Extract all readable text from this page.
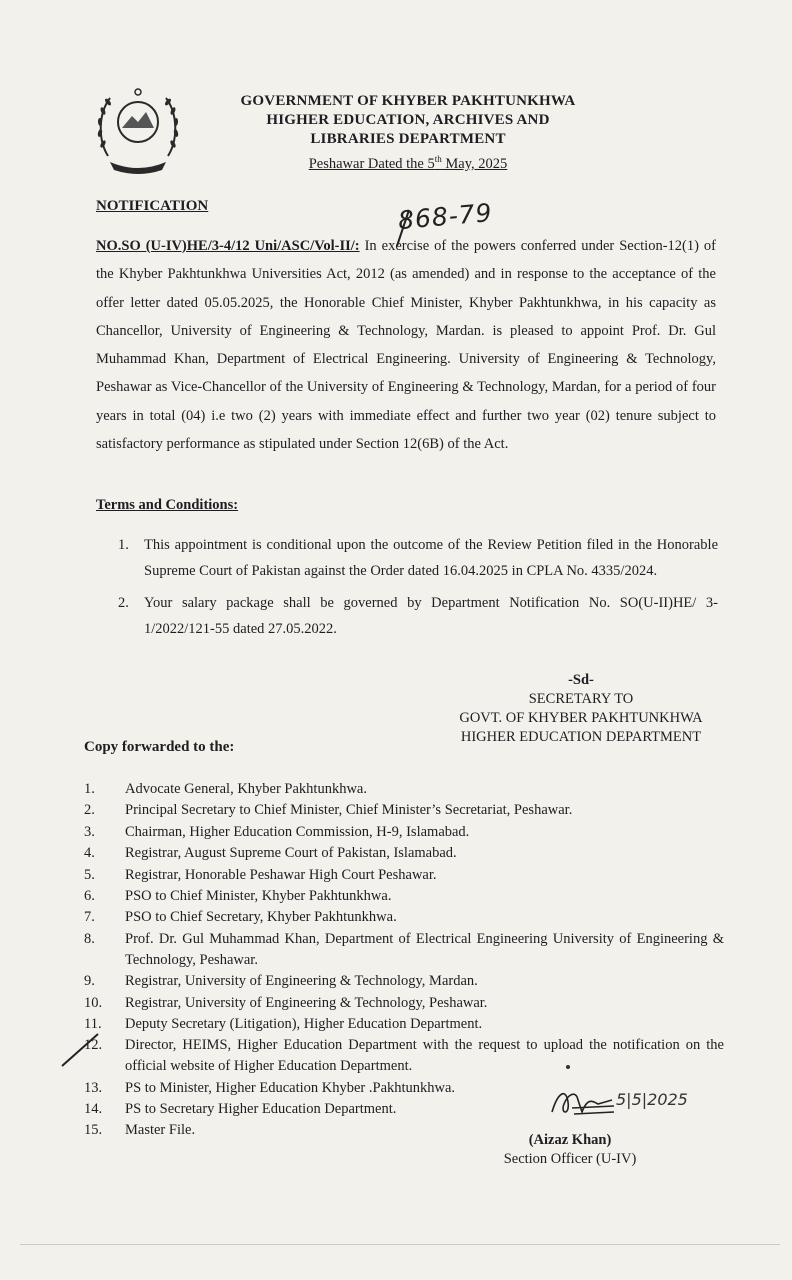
GOVERNMENT OF KHYBER PAKHTUNKHWA
HIGHER EDUCATION, ARCHIVES AND
LIBRARIES DEPARTMENT
Peshawar Dated the 5th May, 2025
NOTIFICATION	868-79
NO.SO (U-IV)HE/3-4/12 Uni/ASC/Vol-II/: In exercise of the powers conferred under Section-12(1) of the Khyber Pakhtunkhwa Universities Act, 2012 (as amended) and in response to the acceptance of the offer letter dated 05.05.2025, the Honorable Chief Minister, Khyber Pakhtunkhwa, in his capacity as Chancellor, University of Engineering & Technology, Mardan. is pleased to appoint Prof. Dr. Gul Muhammad Khan, Department of Electrical Engineering. University of Engineering & Technology, Peshawar as Vice-Chancellor of the University of Engineering & Technology, Mardan, for a period of four years in total (04) i.e two (2) years with immediate effect and further two year (02) tenure subject to satisfactory performance as stipulated under Section 12(6B) of the Act.
Terms and Conditions:
1. This appointment is conditional upon the outcome of the Review Petition filed in the Honorable Supreme Court of Pakistan against the Order dated 16.04.2025 in CPLA No. 4335/2024.
2. Your salary package shall be governed by Department Notification No. SO(U-II)HE/ 3-1/2022/121-55 dated 27.05.2022.
-Sd-
SECRETARY TO
GOVT. OF KHYBER PAKHTUNKHWA
HIGHER EDUCATION DEPARTMENT
Copy forwarded to the:
1. Advocate General, Khyber Pakhtunkhwa.
2. Principal Secretary to Chief Minister, Chief Minister’s Secretariat, Peshawar.
3. Chairman, Higher Education Commission, H-9, Islamabad.
4. Registrar, August Supreme Court of Pakistan, Islamabad.
5. Registrar, Honorable Peshawar High Court Peshawar.
6. PSO to Chief Minister, Khyber Pakhtunkhwa.
7. PSO to Chief Secretary, Khyber Pakhtunkhwa.
8. Prof. Dr. Gul Muhammad Khan, Department of Electrical Engineering University of Engineering & Technology, Peshawar.
9. Registrar, University of Engineering & Technology, Mardan.
10. Registrar, University of Engineering & Technology, Peshawar.
11. Deputy Secretary (Litigation), Higher Education Department.
12. Director, HEIMS, Higher Education Department with the request to upload the notification on the official website of Higher Education Department.
13. PS to Minister, Higher Education Khyber .Pakhtunkhwa.
14. PS to Secretary Higher Education Department.
15. Master File.
5|5|2025
(Aizaz Khan)
Section Officer (U-IV)
